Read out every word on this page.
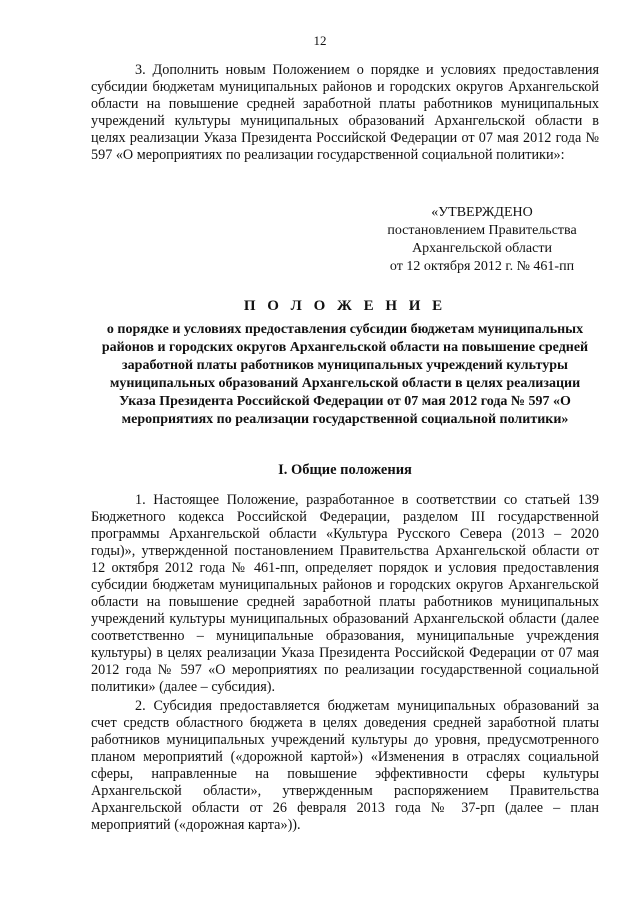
12

3. Дополнить новым Положением о порядке и условиях предоставления субсидии бюджетам муниципальных районов и городских округов Архангельской области на повышение средней заработной платы работников муниципальных учреждений культуры муниципальных образований Архангельской области в целях реализации Указа Президента Российской Федерации от 07 мая 2012 года № 597 «О мероприятиях по реализации государственной социальной политики»:

«УТВЕРЖДЕНО
постановлением Правительства
Архангельской области
от 12 октября 2012 г. № 461-пп
П О Л О Ж Е Н И Е
о порядке и условиях предоставления субсидии бюджетам муниципальных районов и городских округов Архангельской области на повышение средней заработной платы работников муниципальных учреждений культуры муниципальных образований Архангельской области в целях реализации Указа Президента Российской Федерации от 07 мая 2012 года № 597 «О мероприятиях по реализации государственной социальной политики»
I. Общие положения

1. Настоящее Положение, разработанное в соответствии со статьей 139 Бюджетного кодекса Российской Федерации, разделом III государственной программы Архангельской области «Культура Русского Севера (2013 – 2020 годы)», утвержденной постановлением Правительства Архангельской области от 12 октября 2012 года № 461-пп, определяет порядок и условия предоставления субсидии бюджетам муниципальных районов и городских округов Архангельской области на повышение средней заработной платы работников муниципальных учреждений культуры муниципальных образований Архангельской области (далее соответственно – муниципальные образования, муниципальные учреждения культуры) в целях реализации Указа Президента Российской Федерации от 07 мая 2012 года № 597 «О мероприятиях по реализации государственной социальной политики» (далее – субсидия).

2. Субсидия предоставляется бюджетам муниципальных образований за счет средств областного бюджета в целях доведения средней заработной платы работников муниципальных учреждений культуры до уровня, предусмотренного планом мероприятий («дорожной картой») «Изменения в отраслях социальной сферы, направленные на повышение эффективности сферы культуры Архангельской области», утвержденным распоряжением Правительства Архангельской области от 26 февраля 2013 года № 37-рп (далее – план мероприятий («дорожная карта»)).
